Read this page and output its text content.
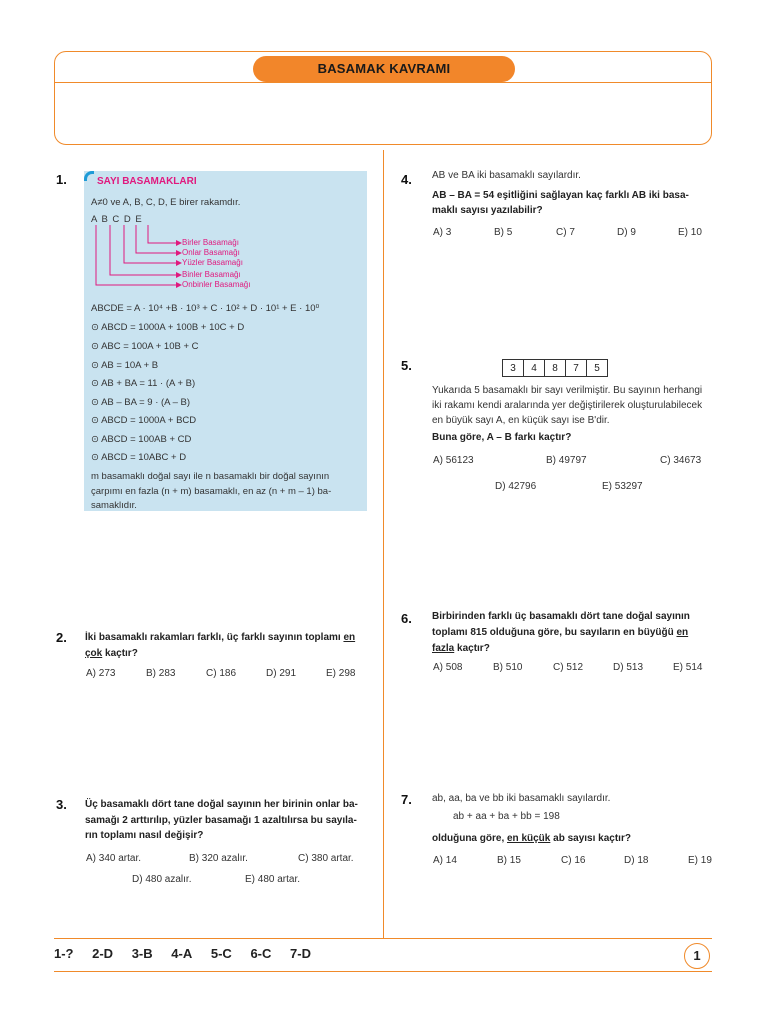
BASAMAK KAVRAMI
1.	SAYI BASAMAKLARI
A≠0 ve A, B, C, D, E birer rakamdır.
A B C D E
Birler Basamağı
Onlar Basamağı
Yüzler Basamağı
Binler Basamağı
Onbinler Basamağı
ABCDE = A · 10⁴ +B · 10³ + C · 10² + D · 10¹ + E · 10⁰
⊙ ABCD = 1000A + 100B + 10C + D
⊙ ABC = 100A + 10B + C
⊙ AB = 10A + B
⊙ AB + BA = 11 · (A + B)
⊙ AB – BA = 9 · (A – B)
⊙ ABCD = 1000A + BCD
⊙ ABCD = 100AB + CD
⊙ ABCD = 10ABC + D
m basamaklı doğal sayı ile n basamaklı bir doğal sayının
çarpımı en fazla (n + m) basamaklı, en az (n + m – 1) ba-
samaklıdır.
2. İki basamaklı rakamları farklı, üç farklı sayının toplamı en
çok kaçtır?
A) 273	B) 283	C) 186	D) 291	E) 298
3. Üç basamaklı dört tane doğal sayının her birinin onlar ba-
samağı 2 arttırılıp, yüzler basamağı 1 azaltılırsa bu sayıla-
rın toplamı nasıl değişir?
A) 340 artar.	B) 320 azalır.	C) 380 artar.
D) 480 azalır.	E) 480 artar.
4. AB ve BA iki basamaklı sayılardır.
AB – BA = 54 eşitliğini sağlayan kaç farklı AB iki basa-
maklı sayısı yazılabilir?
A) 3	B) 5	C) 7	D) 9	E) 10
5.	3	4	8	7	5
Yukarıda 5 basamaklı bir sayı verilmiştir. Bu sayının herhangi
iki rakamı kendi aralarında yer değiştirilerek oluşturulabilecek
en büyük sayı A, en küçük sayı ise B'dir.
Buna göre, A – B farkı kaçtır?
A) 56123	B) 49797	C) 34673
D) 42796	E) 53297
6. Birbirinden farklı üç basamaklı dört tane doğal sayının
toplamı 815 olduğuna göre, bu sayıların en büyüğü en
fazla kaçtır?
A) 508	B) 510	C) 512	D) 513	E) 514
7. ab, aa, ba ve bb iki basamaklı sayılardır.
ab + aa + ba + bb = 198
olduğuna göre, en küçük ab sayısı kaçtır?
A) 14	B) 15	C) 16	D) 18	E) 19
1-? 2-D 3-B 4-A 5-C 6-C 7-D	1
